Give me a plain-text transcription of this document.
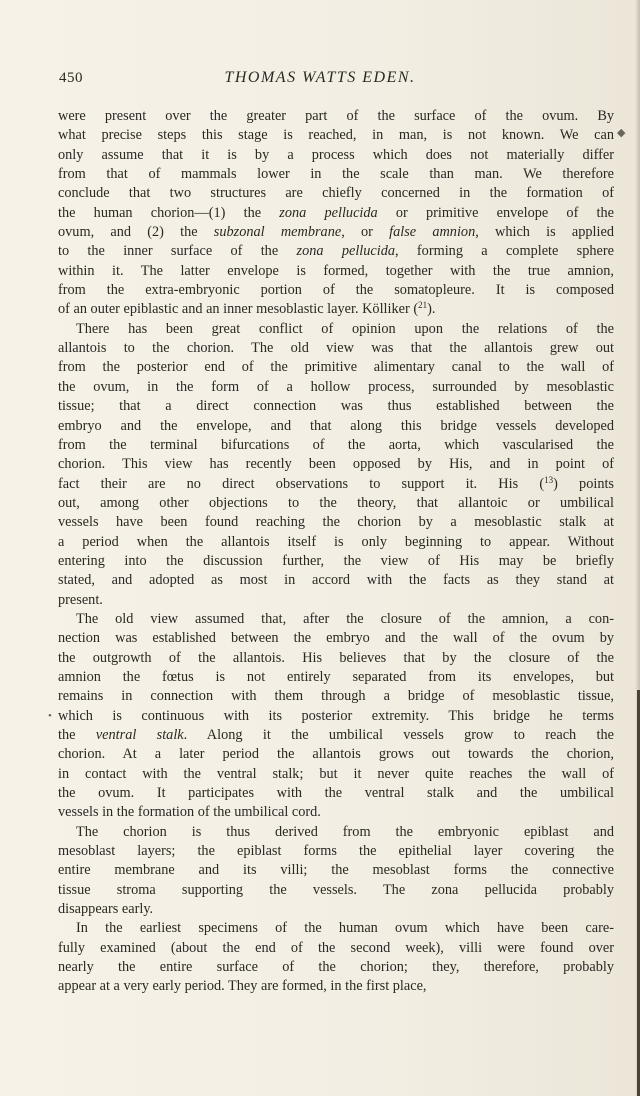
450	THOMAS WATTS EDEN.
were present over the greater part of the surface of the ovum. By
what precise steps this stage is reached, in man, is not known. We can
only assume that it is by a process which does not materially differ
from that of mammals lower in the scale than man. We therefore
conclude that two structures are chiefly concerned in the formation of
the human chorion—(1) the zona pellucida or primitive envelope of the
ovum, and (2) the subzonal membrane, or false amnion, which is applied
to the inner surface of the zona pellucida, forming a complete sphere
within it. The latter envelope is formed, together with the true amnion,
from the extra-embryonic portion of the somatopleure. It is composed
of an outer epiblastic and an inner mesoblastic layer. Kölliker ($^{21}$).
There has been great conflict of opinion upon the relations of the
allantois to the chorion. The old view was that the allantois grew out
from the posterior end of the primitive alimentary canal to the wall of
the ovum, in the form of a hollow process, surrounded by mesoblastic
tissue; that a direct connection was thus established between the
embryo and the envelope, and that along this bridge vessels developed
from the terminal bifurcations of the aorta, which vascularised the
chorion. This view has recently been opposed by His, and in point of
fact their are no direct observations to support it. His ($^{13}$) points
out, among other objections to the theory, that allantoic or umbilical
vessels have been found reaching the chorion by a mesoblastic stalk at
a period when the allantois itself is only beginning to appear. Without
entering into the discussion further, the view of His may be briefly
stated, and adopted as most in accord with the facts as they stand at
present.
The old view assumed that, after the closure of the amnion, a con-
nection was established between the embryo and the wall of the ovum by
the outgrowth of the allantois. His believes that by the closure of the
amnion the fœtus is not entirely separated from its envelopes, but
remains in connection with them through a bridge of mesoblastic tissue,
which is continuous with its posterior extremity. This bridge he terms
the ventral stalk. Along it the umbilical vessels grow to reach the
chorion. At a later period the allantois grows out towards the chorion,
in contact with the ventral stalk; but it never quite reaches the wall of
the ovum. It participates with the ventral stalk and the umbilical
vessels in the formation of the umbilical cord.
The chorion is thus derived from the embryonic epiblast and
mesoblast layers; the epiblast forms the epithelial layer covering the
entire membrane and its villi; the mesoblast forms the connective
tissue stroma supporting the vessels. The zona pellucida probably
disappears early.
In the earliest specimens of the human ovum which have been care-
fully examined (about the end of the second week), villi were found over
nearly the entire surface of the chorion; they, therefore, probably
appear at a very early period. They are formed, in the first place,
◆
•
